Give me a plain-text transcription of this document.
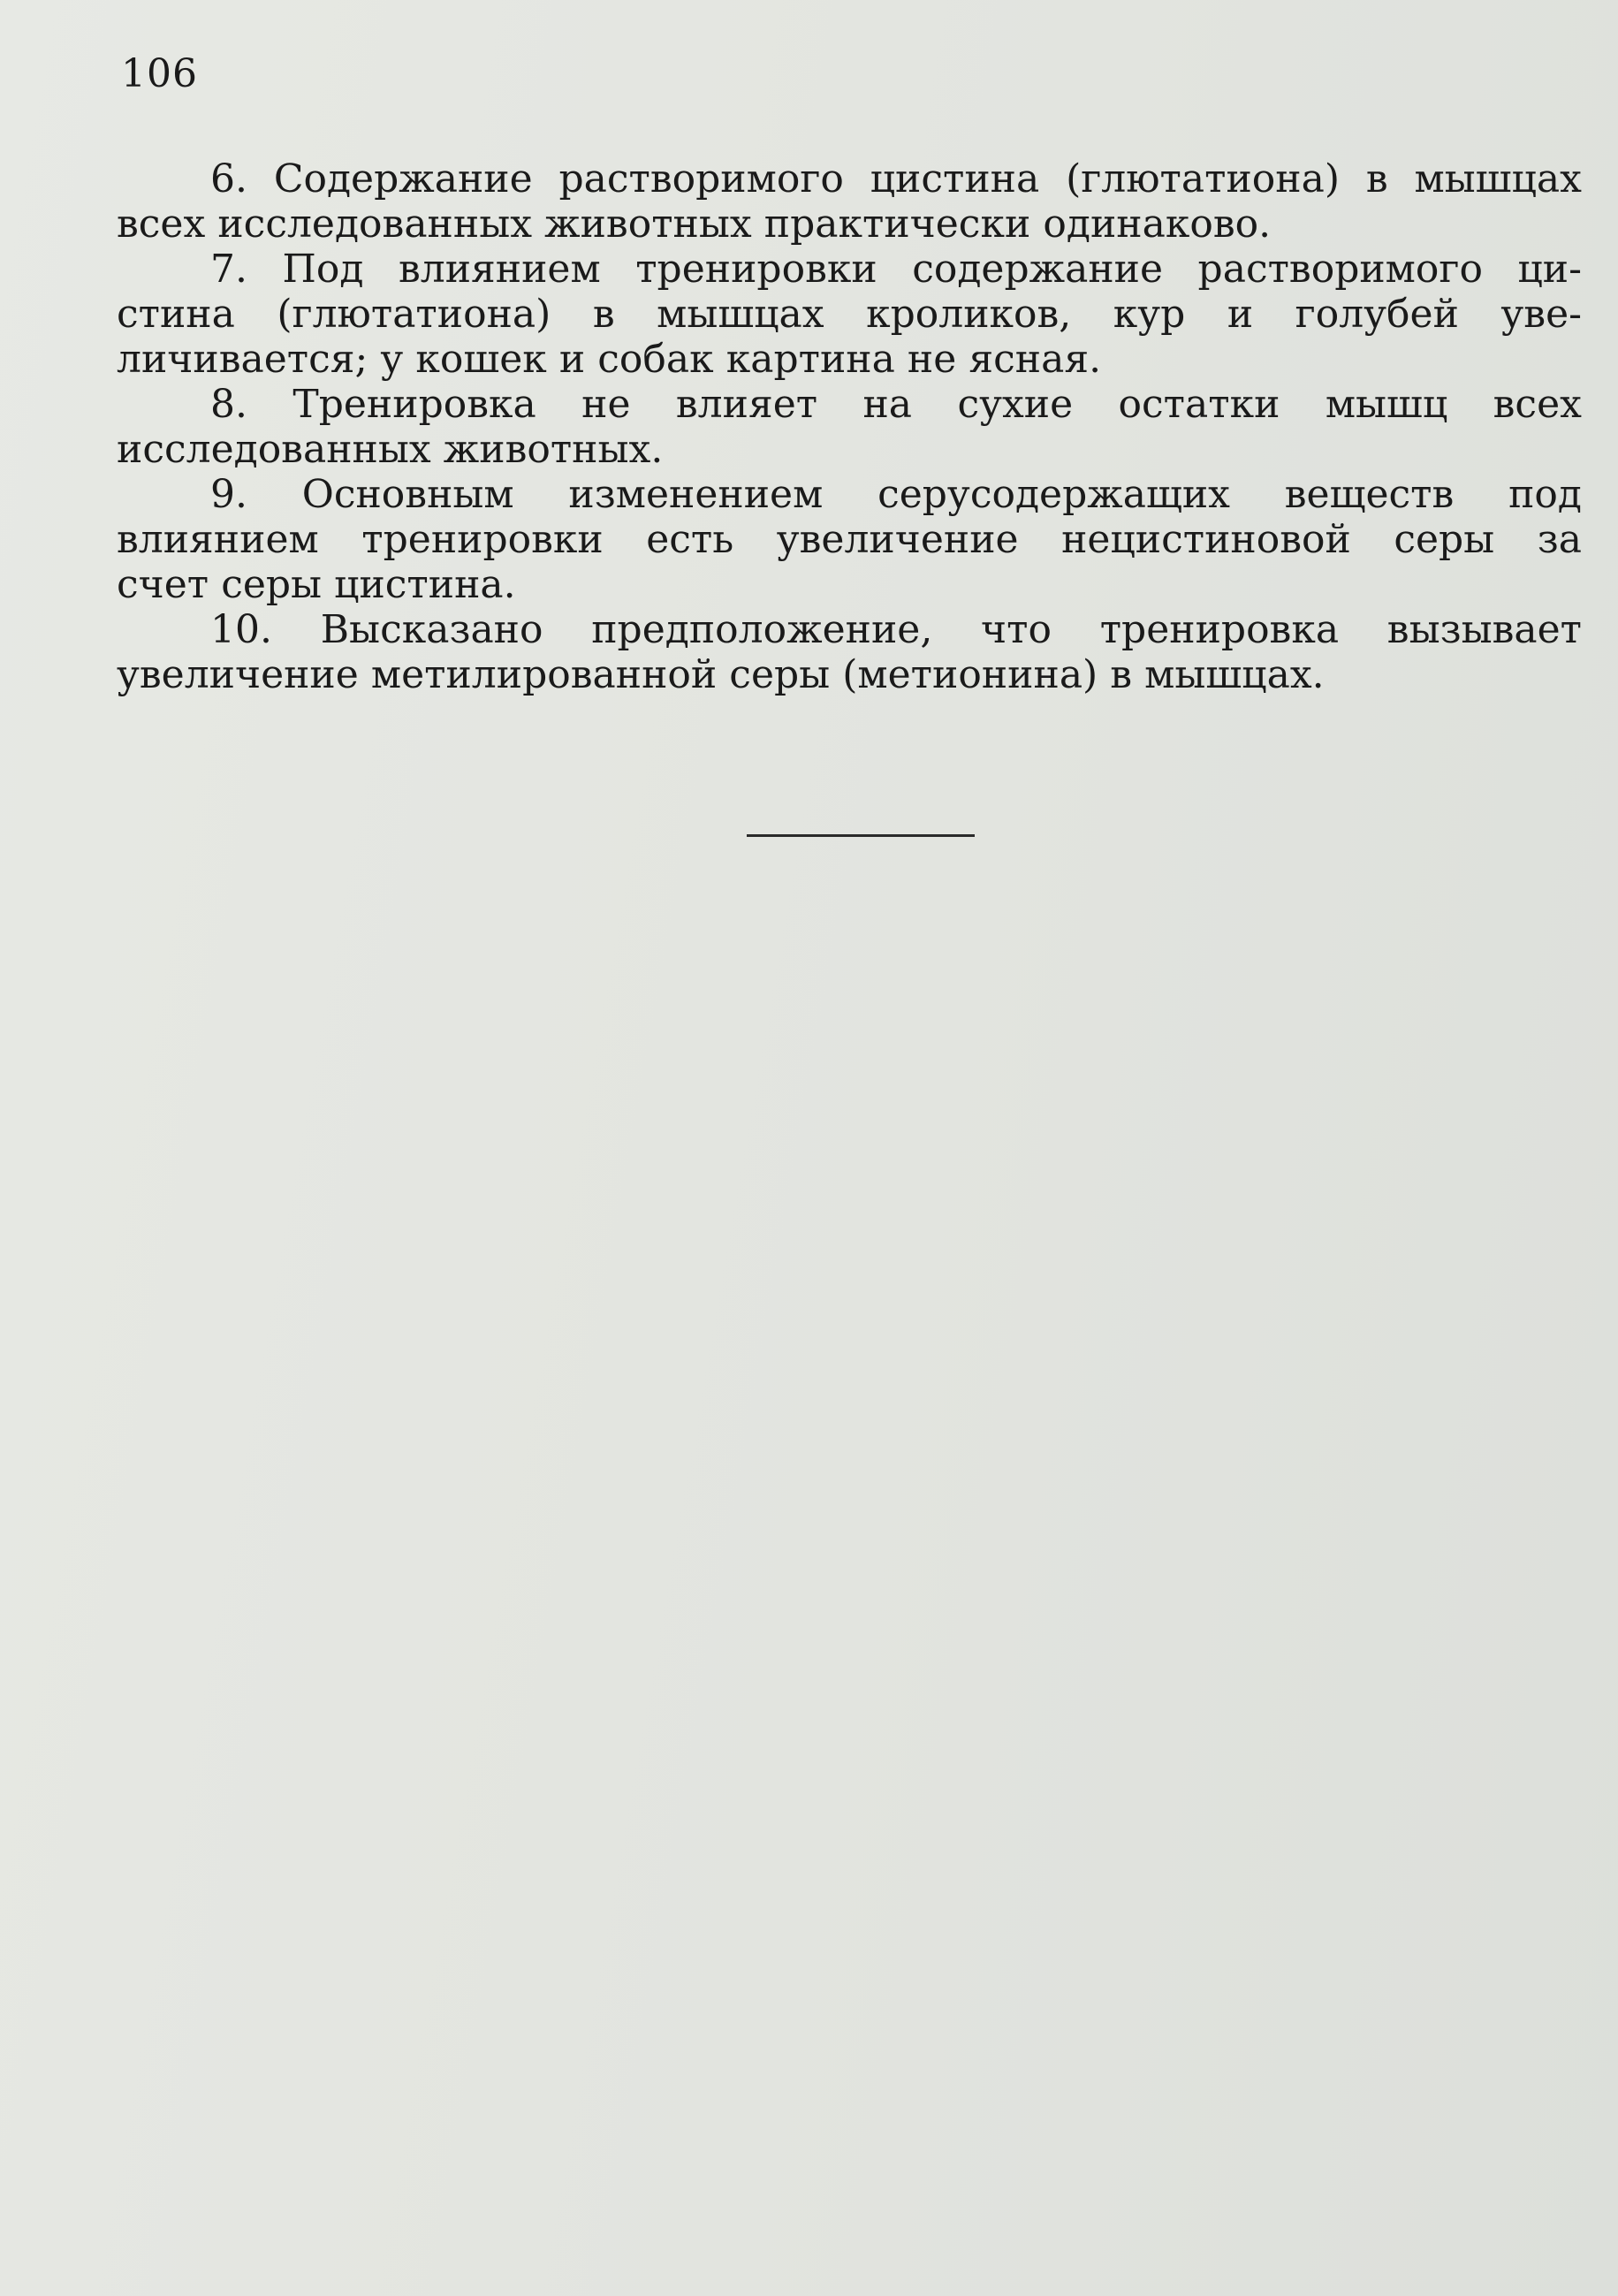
106
6. Содержание растворимого цистина (глютатиона) в мышцах
всех исследованных животных практически одинаково.
7. Под влиянием тренировки содержание растворимого ци-
стина (глютатиона) в мышцах кроликов, кур и голубей уве-
личивается; у кошек и собак картина не ясная.
8. Тренировка не влияет на сухие остатки мышц всех
исследованных животных.
9. Основным изменением серусодержащих веществ под
влиянием тренировки есть увеличение нецистиновой серы за
счет серы цистина.
10. Высказано предположение, что тренировка вызывает
увеличение метилированной серы (метионина) в мышцах.
